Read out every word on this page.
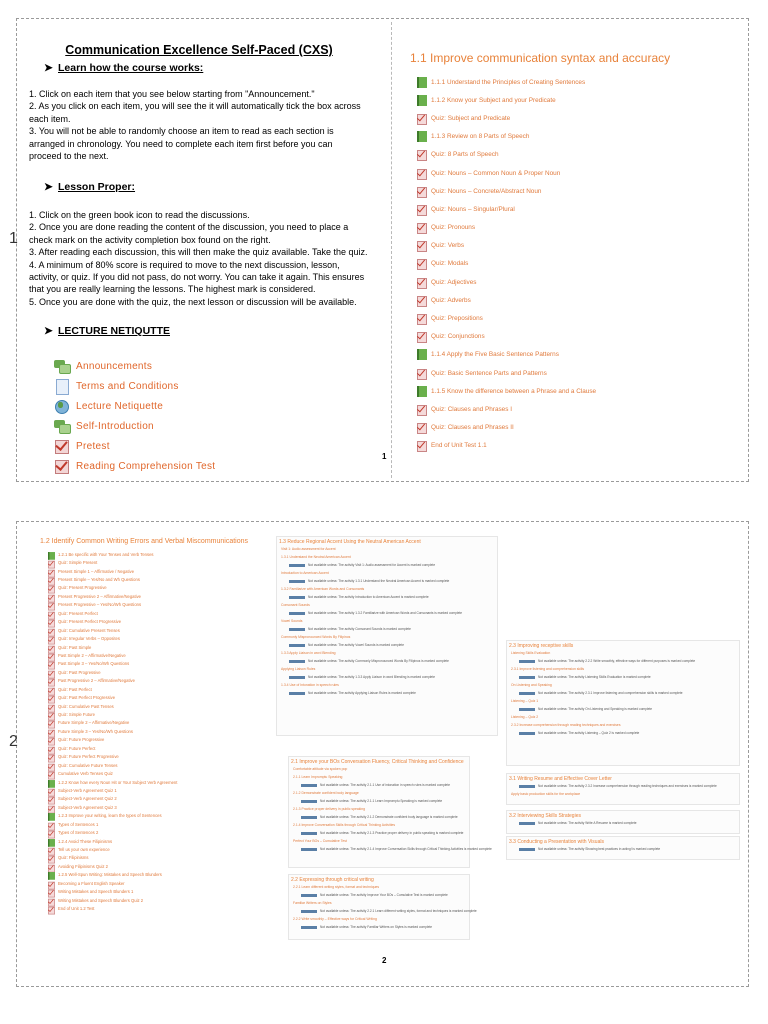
1
Communication Excellence Self-Paced (CXS)
➤ Learn how the course works:
1. Click on each item that you see below starting from "Announcement."
2. As you click on each item, you will see the it will automatically tick the box across
each item.
3. You will not be able to randomly choose an item to read as each section is
arranged in chronology. You need to complete each item first before you can
proceed to the next.
➤ Lesson Proper:
1. Click on the green book icon to read the discussions.
2. Once you are done reading the content of the discussion, you need to place a
check mark on the activity completion box found on the right.
3. After reading each discussion, this will then make the quiz available. Take the quiz.
4. A minimum of 80% score is required to move to the next discussion, lesson,
activity, or quiz. If you did not pass, do not worry. You can take it again. This ensures
that you are really learning the lessons. The highest mark is considered.
5. Once you are done with the quiz, the next lesson or discussion will be available.
➤ LECTURE NETIQUTTE
Announcements
Terms and Conditions
Lecture Netiquette
Self-Introduction
Pretest
Reading Comprehension Test
1.1 Improve communication syntax and accuracy
1.1.1 Understand the Principles of Creating Sentences
1.1.2 Know your Subject and your Predicate
Quiz: Subject and Predicate
1.1.3 Review on 8 Parts of Speech
Quiz: 8 Parts of Speech
Quiz: Nouns – Common Noun & Proper Noun
Quiz: Nouns – Concrete/Abstract Noun
Quiz: Nouns – Singular/Plural
Quiz: Pronouns
Quiz: Verbs
Quiz: Modals
Quiz: Adjectives
Quiz: Adverbs
Quiz: Prepositions
Quiz: Conjunctions
1.1.4 Apply the Five Basic Sentence Patterns
Quiz: Basic Sentence Parts and Patterns
1.1.5 Know the difference between a Phrase and a Clause
Quiz: Clauses and Phrases I
Quiz: Clauses and Phrases II
End of Unit Test 1.1
1
2
1.2 Identify Common Writing Errors and Verbal Miscommunications
1.2.1 Be specific with Your Tenses and Verb Tenses
Quiz: Simple Present
Present Simple 1 – Affirmative / Negative
Present Simple – Yes/No and Wh Questions
Quiz: Present Progressive
Present Progressive 2 – Affirmative/Negative
Present Progressive – Yes/No/Wh Questions
Quiz: Present Perfect
Quiz: Present Perfect Progressive
Quiz: Cumulative Present Tenses
Quiz: Irregular Verbs – Opposites
Quiz: Past Simple
Past Simple 2 – Affirmative/Negative
Past Simple 3 – Yes/No/Wh Questions
Quiz: Past Progressive
Past Progressive 2 – Affirmative/Negative
Quiz: Past Perfect
Quiz: Past Perfect Progressive
Quiz: Cumulative Past Tenses
Quiz: Simple Future
Future Simple 2 – Affirmative/Negative
Future Simple 3 – Yes/No/Wh Questions
Quiz: Future Progressive
Quiz: Future Perfect
Quiz: Future Perfect Progressive
Quiz: Cumulative Future Tenses
Cumulative Verb Tenses Quiz
1.2.2 Know how every Noun Hit or Your Subject Verb Agreement
Subject-Verb Agreement Quiz 1
Subject-Verb Agreement Quiz 2
Subject-Verb Agreement Quiz 3
1.2.3 Improve your writing, learn the types of Sentences
Types of Sentences 1
Types of Sentences 2
1.2.4 Avoid These Filipinisms
Tell us your own experience
Quiz: Filipinisms
Avoiding Filipinisms Quiz 2
1.2.5 Well-Spun Writing: Mistakes and Speech Blunders
Becoming a Fluent English Speaker
Writing Mistakes and Speech Blunders 1
Writing Mistakes and Speech Blunders Quiz 2
End of Unit 1.2 Test
1.3 Reduce Regional Accent Using the Neutral American Accent
Visit 1: Audio assessment for Accent
1.3.1 Understand the Neutral American Accent
Not available unless: The activity Visit 1: Audio assessment for Accent is marked complete
Introduction to American Accent
Not available unless: The activity 1.3.1 Understand the Neutral American Accent is marked complete
1.3.2 Familiarize with American Words and Consonants
Not available unless: The activity Introduction to American Accent is marked complete
Consonant Sounds
Not available unless: The activity 1.3.2 Familiarize with American Words and Consonants is marked complete
Vowel Sounds
Not available unless: The activity Consonant Sounds is marked complete
Commonly Mispronounced Words By Filipinos
Not available unless: The activity Vowel Sounds is marked complete
1.3.3 Apply Liaison in word Blending
Not available unless: The activity Commonly Mispronounced Words By Filipinos is marked complete
Applying Liaison Rules
Not available unless: The activity 1.3.3 Apply Liaison in word Blending is marked complete
1.3.4 Use of Intonation in speech rules
Not available unless: The activity Applying Liaison Rules is marked complete
2.1 Improve your BOs Conversation Fluency, Critical Thinking and Confidence
Comfortable attitude via spoken pop
2.1.1 Learn Impromptu Speaking
Not available unless: The activity 2.1.1 Use of intonation in speech rules is marked complete
2.1.2 Demonstrate confident body language
Not available unless: The activity 2.1.1 Learn Impromptu Speaking is marked complete
2.1.3 Practice proper delivery in public speaking
Not available unless: The activity 2.1.2 Demonstrate confident body language is marked complete
2.1.4 Improve Conversation Skills through Critical Thinking Activities
Not available unless: The activity 2.1.3 Practice proper delivery in public speaking is marked complete
Perfect Your BOs – Cumulative Test
Not available unless: The activity 2.1.4 Improve Conversation Skills through Critical Thinking Activities is marked complete
2.2 Expressing through critical writing
2.2.1 Learn different writing styles, format and techniques
Not available unless: The activity Improve Your BOs – Cumulative Test is marked complete
Familiar Writers on Styles
Not available unless: The activity 2.2.1 Learn different writing styles, format and techniques is marked complete
2.2.2 Write smoothly – Effective ways for Critical Writing
Not available unless: The activity Familiar Writers on Styles is marked complete
2.3 Improving receptive skills
Listening Skills Evaluation
Not available unless: The activity 2.2.2 Write smoothly, effective ways for different purposes is marked complete
2.3.1 Improve listening and comprehension skills
Not available unless: The activity Listening Skills Evaluation is marked complete
On Listening and Speaking
Not available unless: The activity 2.3.1 Improve listening and comprehension skills is marked complete
Listening – Quiz 1
Not available unless: The activity On Listening and Speaking is marked complete
Listening – Quiz 2
2.3.2 Increase comprehension through reading techniques and exercises
Not available unless: The activity Listening – Quiz 2 is marked complete
3.1 Writing Resume and Effective Cover Letter
Not available unless: The activity 2.3.2 Increase comprehension through reading techniques and exercises is marked complete
Apply basic production skills for the workplace
3.2 Interviewing Skills Strategies
Not available unless: The activity Write A Resume is marked complete
3.3 Conducting a Presentation with Visuals
Not available unless: The activity Showing best practices in acting! is marked complete
2
